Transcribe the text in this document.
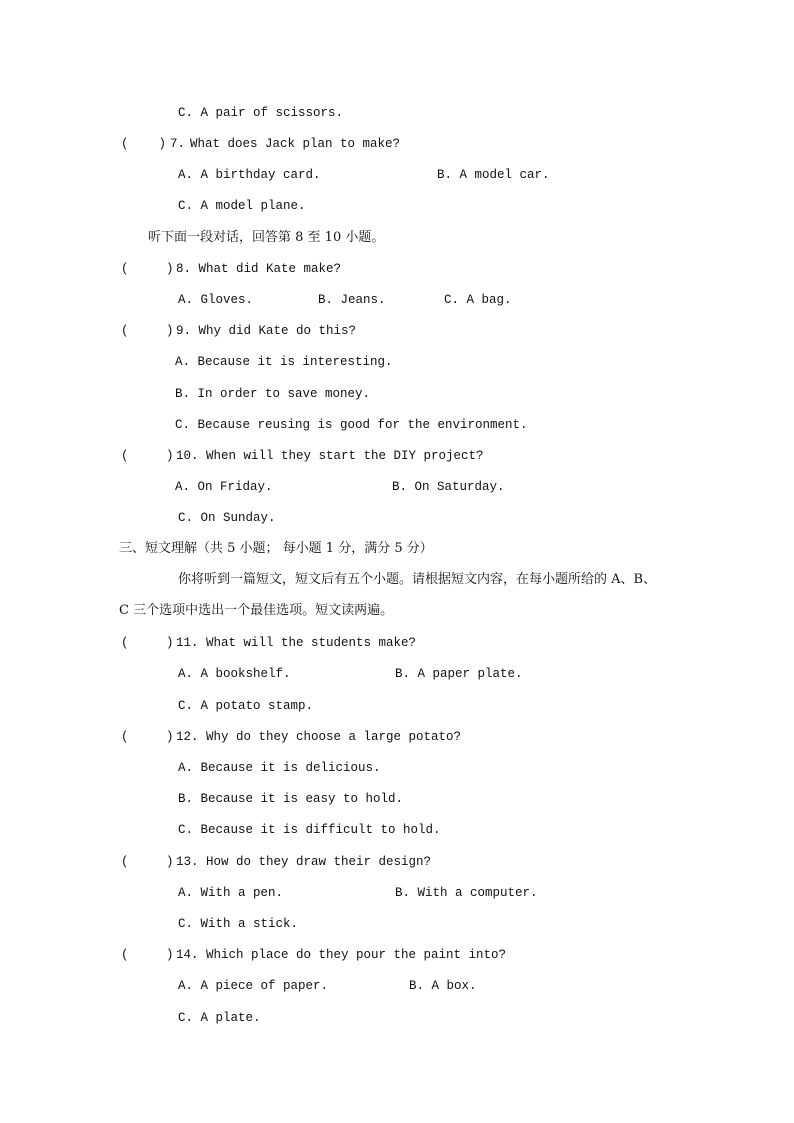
C. A pair of scissors.
(    ) 7. What does Jack plan to make?
A. A birthday card.	B. A model car.
C. A model plane.
听下面一段对话，回答第 8 至 10 小题。
(     ) 8. What did Kate make?
A. Gloves.	B. Jeans.	C. A bag.
(     ) 9. Why did Kate do this?
A. Because it is interesting.
B. In order to save money.
C. Because reusing is good for the environment.
(     ) 10. When will they start the DIY project?
A. On Friday.	B. On Saturday.
C. On Sunday.
三、短文理解（共 5 小题； 每小题 1 分，满分 5 分）
你将听到一篇短文，短文后有五个小题。请根据短文内容，在每小题所给的 A、B、
C 三个选项中选出一个最佳选项。短文读两遍。
(     ) 11. What will the students make?
A. A bookshelf.	B. A paper plate.
C. A potato stamp.
(     ) 12. Why do they choose a large potato?
A. Because it is delicious.
B. Because it is easy to hold.
C. Because it is difficult to hold.
(     ) 13. How do they draw their design?
A. With a pen.	B. With a computer.
C. With a stick.
(     ) 14. Which place do they pour the paint into?
A. A piece of paper.	B. A box.
C. A plate.
